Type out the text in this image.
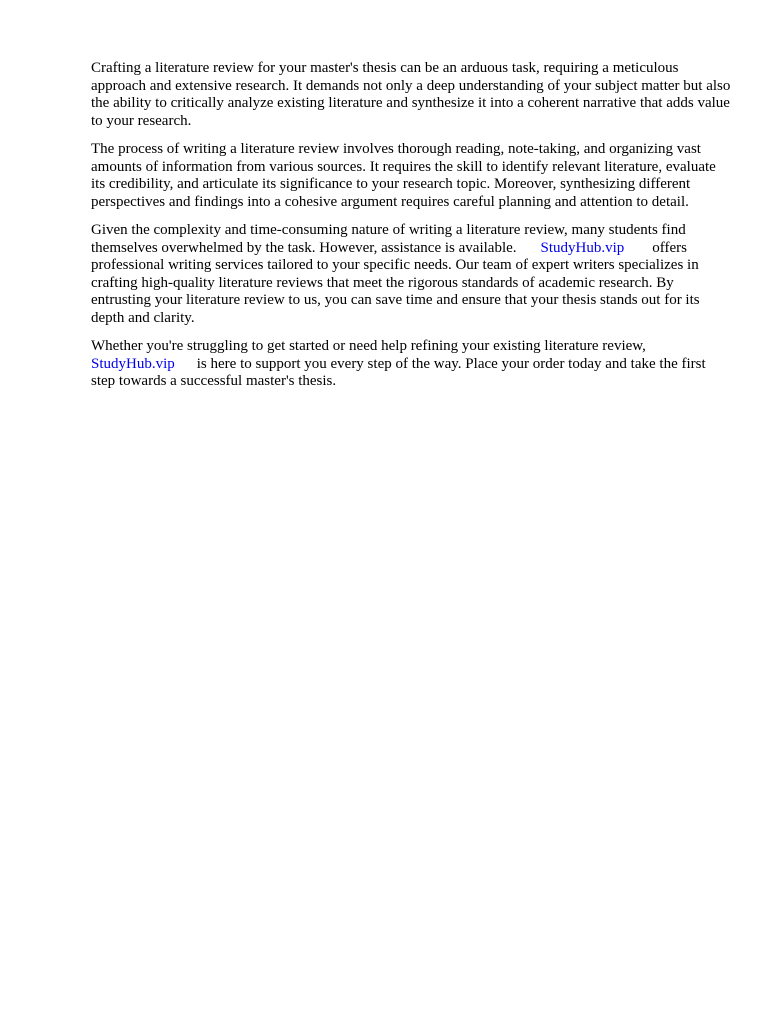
Crafting a literature review for your master's thesis can be an arduous task, requiring a meticulous approach and extensive research. It demands not only a deep understanding of your subject matter but also the ability to critically analyze existing literature and synthesize it into a coherent narrative that adds value to your research.

The process of writing a literature review involves thorough reading, note-taking, and organizing vast amounts of information from various sources. It requires the skill to identify relevant literature, evaluate its credibility, and articulate its significance to your research topic. Moreover, synthesizing different perspectives and findings into a cohesive argument requires careful planning and attention to detail.

Given the complexity and time-consuming nature of writing a literature review, many students find themselves overwhelmed by the task. However, assistance is available. StudyHub.vip offers professional writing services tailored to your specific needs. Our team of expert writers specializes in crafting high-quality literature reviews that meet the rigorous standards of academic research. By entrusting your literature review to us, you can save time and ensure that your thesis stands out for its depth and clarity.

Whether you're struggling to get started or need help refining your existing literature review,
StudyHub.vip is here to support you every step of the way. Place your order today and take the first step towards a successful master's thesis.
